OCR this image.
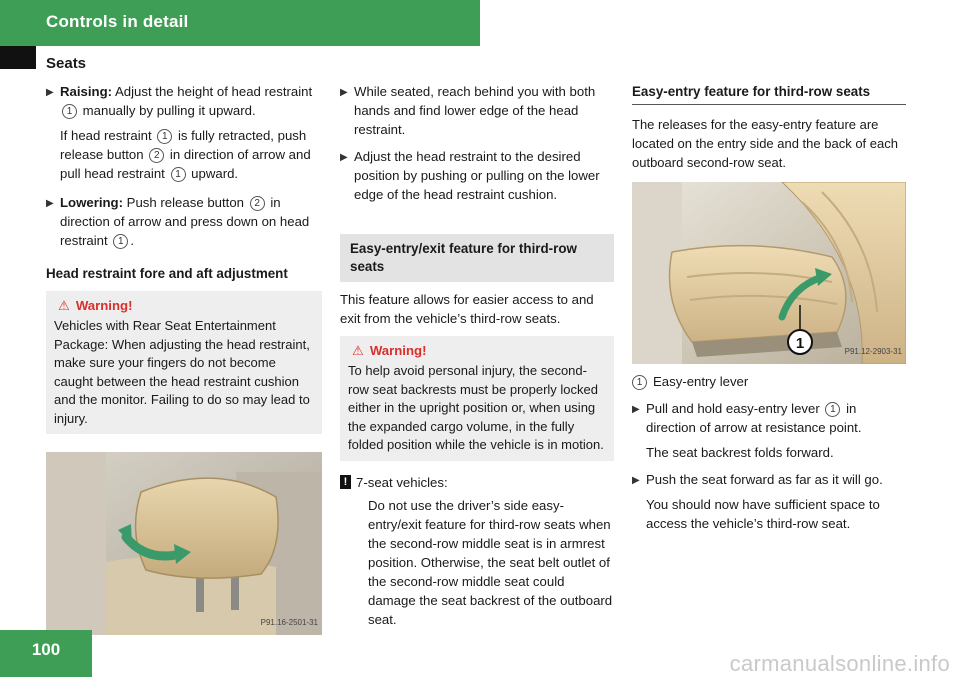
Controls in detail
Seats
▶ Raising: Adjust the height of head restraint 1 manually by pulling it upward.
If head restraint 1 is fully retracted, push release button 2 in direction of arrow and pull head restraint 1 upward.
▶ Lowering: Push release button 2 in direction of arrow and press down on head restraint 1 .
Head restraint fore and aft adjustment
⚠ Warning!
Vehicles with Rear Seat Entertainment Package: When adjusting the head restraint, make sure your fingers do not become caught between the head restraint cushion and the monitor. Failing to do so may lead to injury.
P91.16-2501-31
▶ While seated, reach behind you with both hands and find lower edge of the head restraint.
▶ Adjust the head restraint to the desired position by pushing or pulling on the lower edge of the head restraint cushion.
Easy-entry/exit feature for third-row seats
This feature allows for easier access to and exit from the vehicle’s third-row seats.
⚠ Warning!
To help avoid personal injury, the second-row seat backrests must be properly locked either in the upright position or, when using the expanded cargo volume, in the fully folded position while the vehicle is in motion.
! 7-seat vehicles:
Do not use the driver’s side easy-entry/exit feature for third-row seats when the second-row middle seat is in armrest position. Otherwise, the seat belt outlet of the second-row middle seat could damage the seat backrest of the outboard seat.
Easy-entry feature for third-row seats
The releases for the easy-entry feature are located on the entry side and the back of each outboard second-row seat.
1	P91.12-2903-31
1 Easy-entry lever
▶ Pull and hold easy-entry lever 1 in direction of arrow at resistance point.
The seat backrest folds forward.
▶ Push the seat forward as far as it will go.
You should now have sufficient space to access the vehicle’s third-row seat.
100
carmanualsonline.info
